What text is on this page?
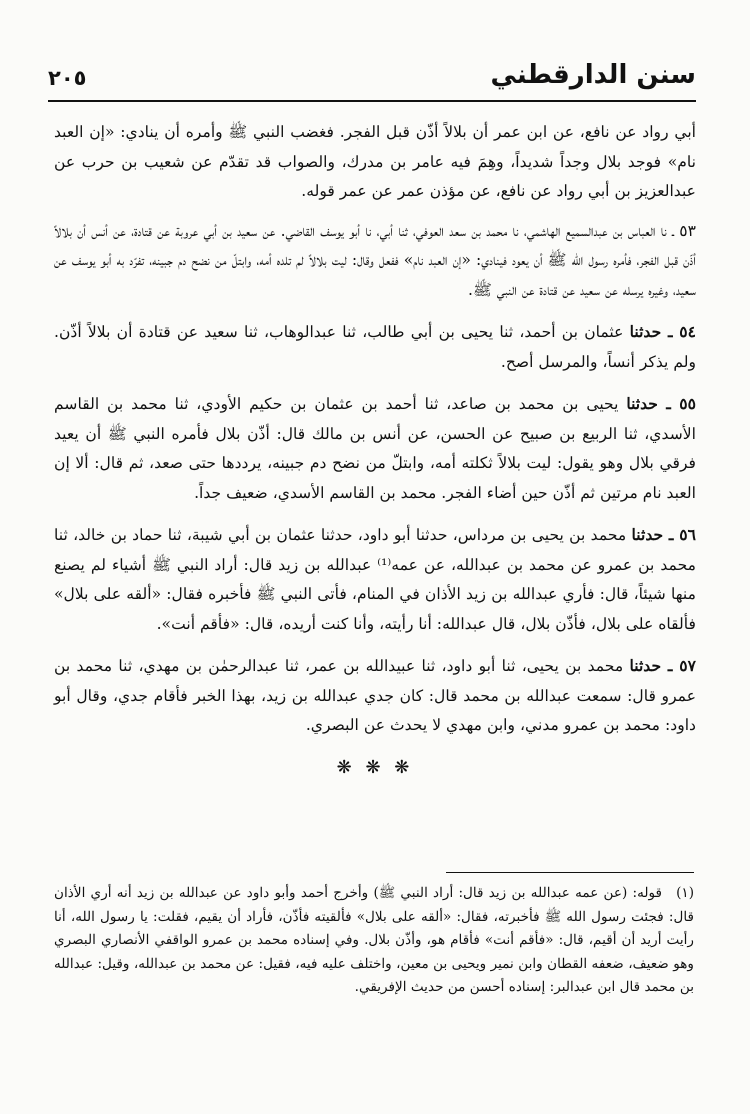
سنن الدارقطني
٢٠٥

أبي رواد عن نافع، عن ابن عمر أن بلالاً أذّن قبل الفجر. فغضب النبي ﷺ وأمره أن ينادي: «إن العبد نام» فوجد بلال وجداً شديداً، وهِمَ فيه عامر بن مدرك، والصواب قد تقدّم عن شعيب بن حرب عن عبدالعزيز بن أبي رواد عن نافع، عن مؤذن عمر عن عمر قوله.

٥٣ ـ نا العباس بن عبدالسميع الهاشمي، نا محمد بن سعد العوفي، ثنا أبي، نا أبو يوسف القاضي. عن سعيد بن أبي عروبة عن قتادة، عن أنس أن بلالاً أذّن قبل الفجر، فأمره رسول الله ﷺ أن يعود فينادي: «إن العبد نام» ففعل وقال: ليت بلالاً لم تلده أمه، وابتلّ من نضح دم جبينه، تفرّد به أبو يوسف عن سعيد، وغيره يرسله عن سعيد عن قتادة عن النبي ﷺ.

٥٤ ـ حدثنا عثمان بن أحمد، ثنا يحيى بن أبي طالب، ثنا عبدالوهاب، ثنا سعيد عن قتادة أن بلالاً أذّن. ولم يذكر أنساً، والمرسل أصح.

٥٥ ـ حدثنا يحيى بن محمد بن صاعد، ثنا أحمد بن عثمان بن حكيم الأودي، ثنا محمد بن القاسم الأسدي، ثنا الربيع بن صبيح عن الحسن، عن أنس بن مالك قال: أذّن بلال فأمره النبي ﷺ أن يعيد فرقي بلال وهو يقول: ليت بلالاً ثكلته أمه، وابتلّ من نضح دم جبينه، يرددها حتى صعد، ثم قال: ألا إن العبد نام مرتين ثم أذّن حين أضاء الفجر. محمد بن القاسم الأسدي، ضعيف جداً.

٥٦ ـ حدثنا محمد بن يحيى بن مرداس، حدثنا أبو داود، حدثنا عثمان بن أبي شيبة، ثنا حماد بن خالد، ثنا محمد بن عمرو عن محمد بن عبدالله، عن عمه⁽¹⁾ عبدالله بن زيد قال: أراد النبي ﷺ أشياء لم يصنع منها شيئاً، قال: فأري عبدالله بن زيد الأذان في المنام، فأتى النبي ﷺ فأخبره فقال: «ألقه على بلال» فألقاه على بلال، فأذّن بلال، قال عبدالله: أنا رأيته، وأنا كنت أريده، قال: «فأقم أنت».

٥٧ ـ حدثنا محمد بن يحيى، ثنا أبو داود، ثنا عبيدالله بن عمر، ثنا عبدالرحمٰن بن مهدي، ثنا محمد بن عمرو قال: سمعت عبدالله بن محمد قال: كان جدي عبدالله بن زيد، بهذا الخبر فأقام جدي، وقال أبو داود: محمد بن عمرو مدني، وابن مهدي لا يحدث عن البصري.

❋ ❋ ❋
(١)قوله: (عن عمه عبدالله بن زيد قال: أراد النبي ﷺ) وأخرج أحمد وأبو داود عن عبدالله بن زيد أنه أري الأذان قال: فجئت رسول الله ﷺ فأخبرته، فقال: «ألقه على بلال» فألقيته فأذّن، فأراد أن يقيم، فقلت: يا رسول الله، أنا رأيت أريد أن أقيم، قال: «فأقم أنت» فأقام هو، وأذّن بلال. وفي إسناده محمد بن عمرو الواقفي الأنصاري البصري وهو ضعيف، ضعفه القطان وابن نمير ويحيى بن معين، واختلف عليه فيه، فقيل: عن محمد بن عبدالله، وقيل: عبدالله بن محمد قال ابن عبدالبر: إسناده أحسن من حديث الإفريقي.
